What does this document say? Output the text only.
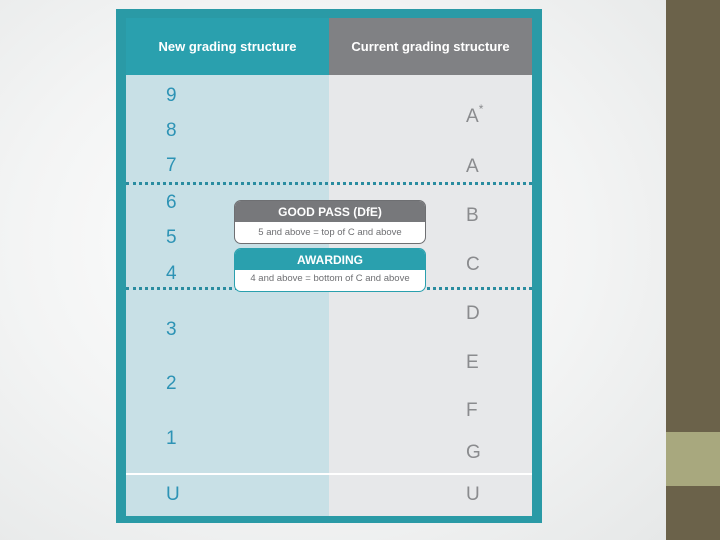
New grading structure	Current grading structure
9
8
7
6
5
4
3
2
1
U
A*
A
B
C
D
E
F
G
U
GOOD PASS (DfE)
5 and above = top of C and above
AWARDING
4 and above = bottom of C and above
